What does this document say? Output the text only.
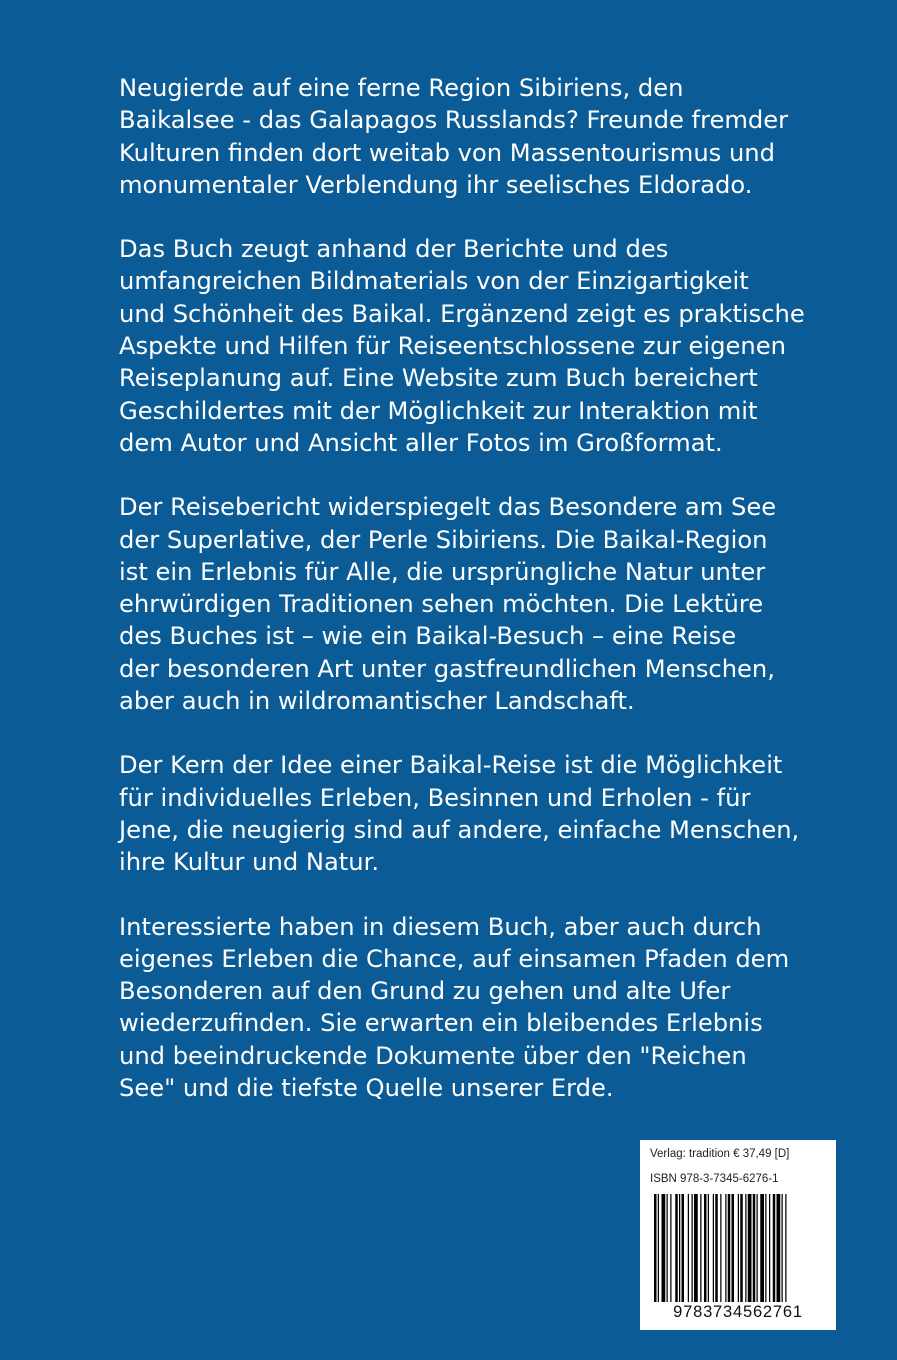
Neugierde auf eine ferne Region Sibiriens, den
Baikalsee - das Galapagos Russlands? Freunde fremder
Kulturen finden dort weitab von Massentourismus und
monumentaler Verblendung ihr seelisches Eldorado.

Das Buch zeugt anhand der Berichte und des
umfangreichen Bildmaterials von der Einzigartigkeit
und Schönheit des Baikal. Ergänzend zeigt es praktische
Aspekte und Hilfen für Reiseentschlossene zur eigenen
Reiseplanung auf. Eine Website zum Buch bereichert
Geschildertes mit der Möglichkeit zur Interaktion mit
dem Autor und Ansicht aller Fotos im Großformat.

Der Reisebericht widerspiegelt das Besondere am See
der Superlative, der Perle Sibiriens. Die Baikal-Region
ist ein Erlebnis für Alle, die ursprüngliche Natur unter
ehrwürdigen Traditionen sehen möchten. Die Lektüre
des Buches ist – wie ein Baikal-Besuch – eine Reise
der besonderen Art unter gastfreundlichen Menschen,
aber auch in wildromantischer Landschaft.

Der Kern der Idee einer Baikal-Reise ist die Möglichkeit
für individuelles Erleben, Besinnen und Erholen - für
Jene, die neugierig sind auf andere, einfache Menschen,
ihre Kultur und Natur.

Interessierte haben in diesem Buch, aber auch durch
eigenes Erleben die Chance, auf einsamen Pfaden dem
Besonderen auf den Grund zu gehen und alte Ufer
wiederzufinden. Sie erwarten ein bleibendes Erlebnis
und beeindruckende Dokumente über den "Reichen
See" und die tiefste Quelle unserer Erde.

Verlag: tradition € 37,49 [D]
ISBN 978-3-7345-6276-1
9783734562761
